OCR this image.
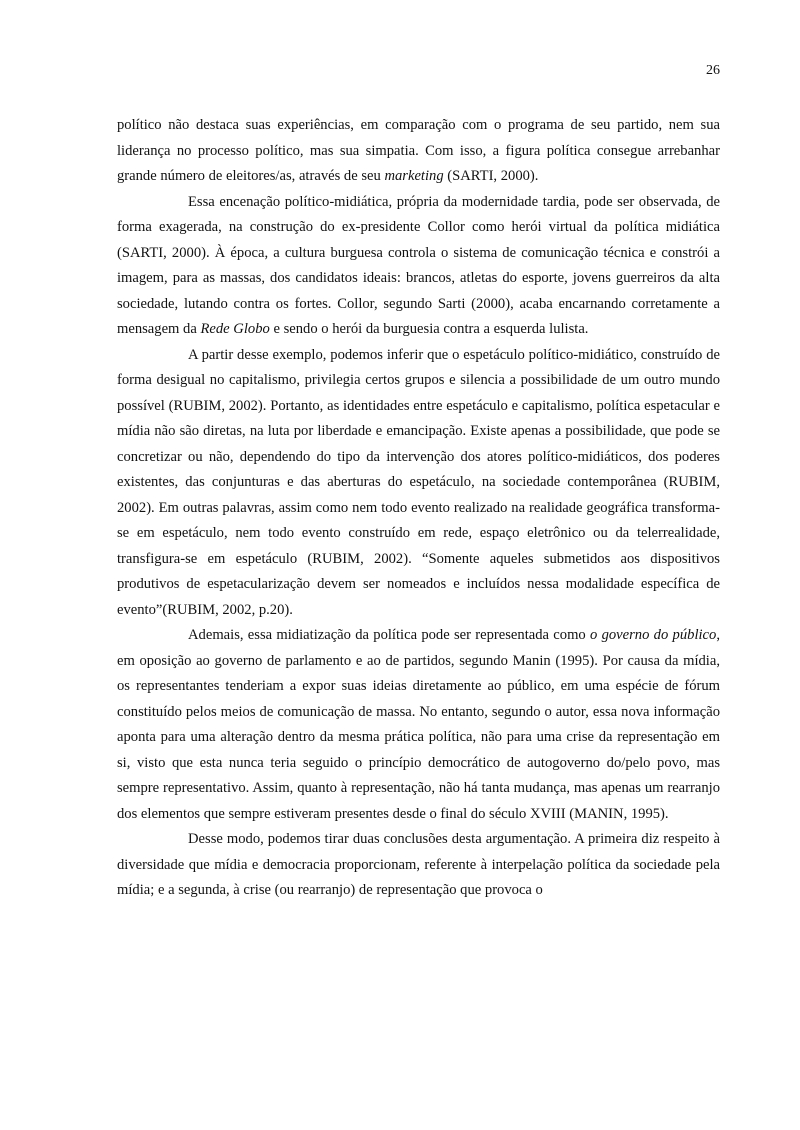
26

político não destaca suas experiências, em comparação com o programa de seu partido, nem sua liderança no processo político, mas sua simpatia. Com isso, a figura política consegue arrebanhar grande número de eleitores/as, através de seu marketing (SARTI, 2000).

Essa encenação político-midiática, própria da modernidade tardia, pode ser observada, de forma exagerada, na construção do ex-presidente Collor como herói virtual da política midiática (SARTI, 2000). À época, a cultura burguesa controla o sistema de comunicação técnica e constrói a imagem, para as massas, dos candidatos ideais: brancos, atletas do esporte, jovens guerreiros da alta sociedade, lutando contra os fortes. Collor, segundo Sarti (2000), acaba encarnando corretamente a mensagem da Rede Globo e sendo o herói da burguesia contra a esquerda lulista.

A partir desse exemplo, podemos inferir que o espetáculo político-midiático, construído de forma desigual no capitalismo, privilegia certos grupos e silencia a possibilidade de um outro mundo possível (RUBIM, 2002). Portanto, as identidades entre espetáculo e capitalismo, política espetacular e mídia não são diretas, na luta por liberdade e emancipação. Existe apenas a possibilidade, que pode se concretizar ou não, dependendo do tipo da intervenção dos atores político-midiáticos, dos poderes existentes, das conjunturas e das aberturas do espetáculo, na sociedade contemporânea (RUBIM, 2002). Em outras palavras, assim como nem todo evento realizado na realidade geográfica transforma-se em espetáculo, nem todo evento construído em rede, espaço eletrônico ou da telerrealidade, transfigura-se em espetáculo (RUBIM, 2002). “Somente aqueles submetidos aos dispositivos produtivos de espetacularização devem ser nomeados e incluídos nessa modalidade específica de evento”(RUBIM, 2002, p.20).

Ademais, essa midiatização da política pode ser representada como o governo do público, em oposição ao governo de parlamento e ao de partidos, segundo Manin (1995). Por causa da mídia, os representantes tenderiam a expor suas ideias diretamente ao público, em uma espécie de fórum constituído pelos meios de comunicação de massa. No entanto, segundo o autor, essa nova informação aponta para uma alteração dentro da mesma prática política, não para uma crise da representação em si, visto que esta nunca teria seguido o princípio democrático de autogoverno do/pelo povo, mas sempre representativo. Assim, quanto à representação, não há tanta mudança, mas apenas um rearranjo dos elementos que sempre estiveram presentes desde o final do século XVIII (MANIN, 1995).

Desse modo, podemos tirar duas conclusões desta argumentação. A primeira diz respeito à diversidade que mídia e democracia proporcionam, referente à interpelação política da sociedade pela mídia; e a segunda, à crise (ou rearranjo) de representação que provoca o
